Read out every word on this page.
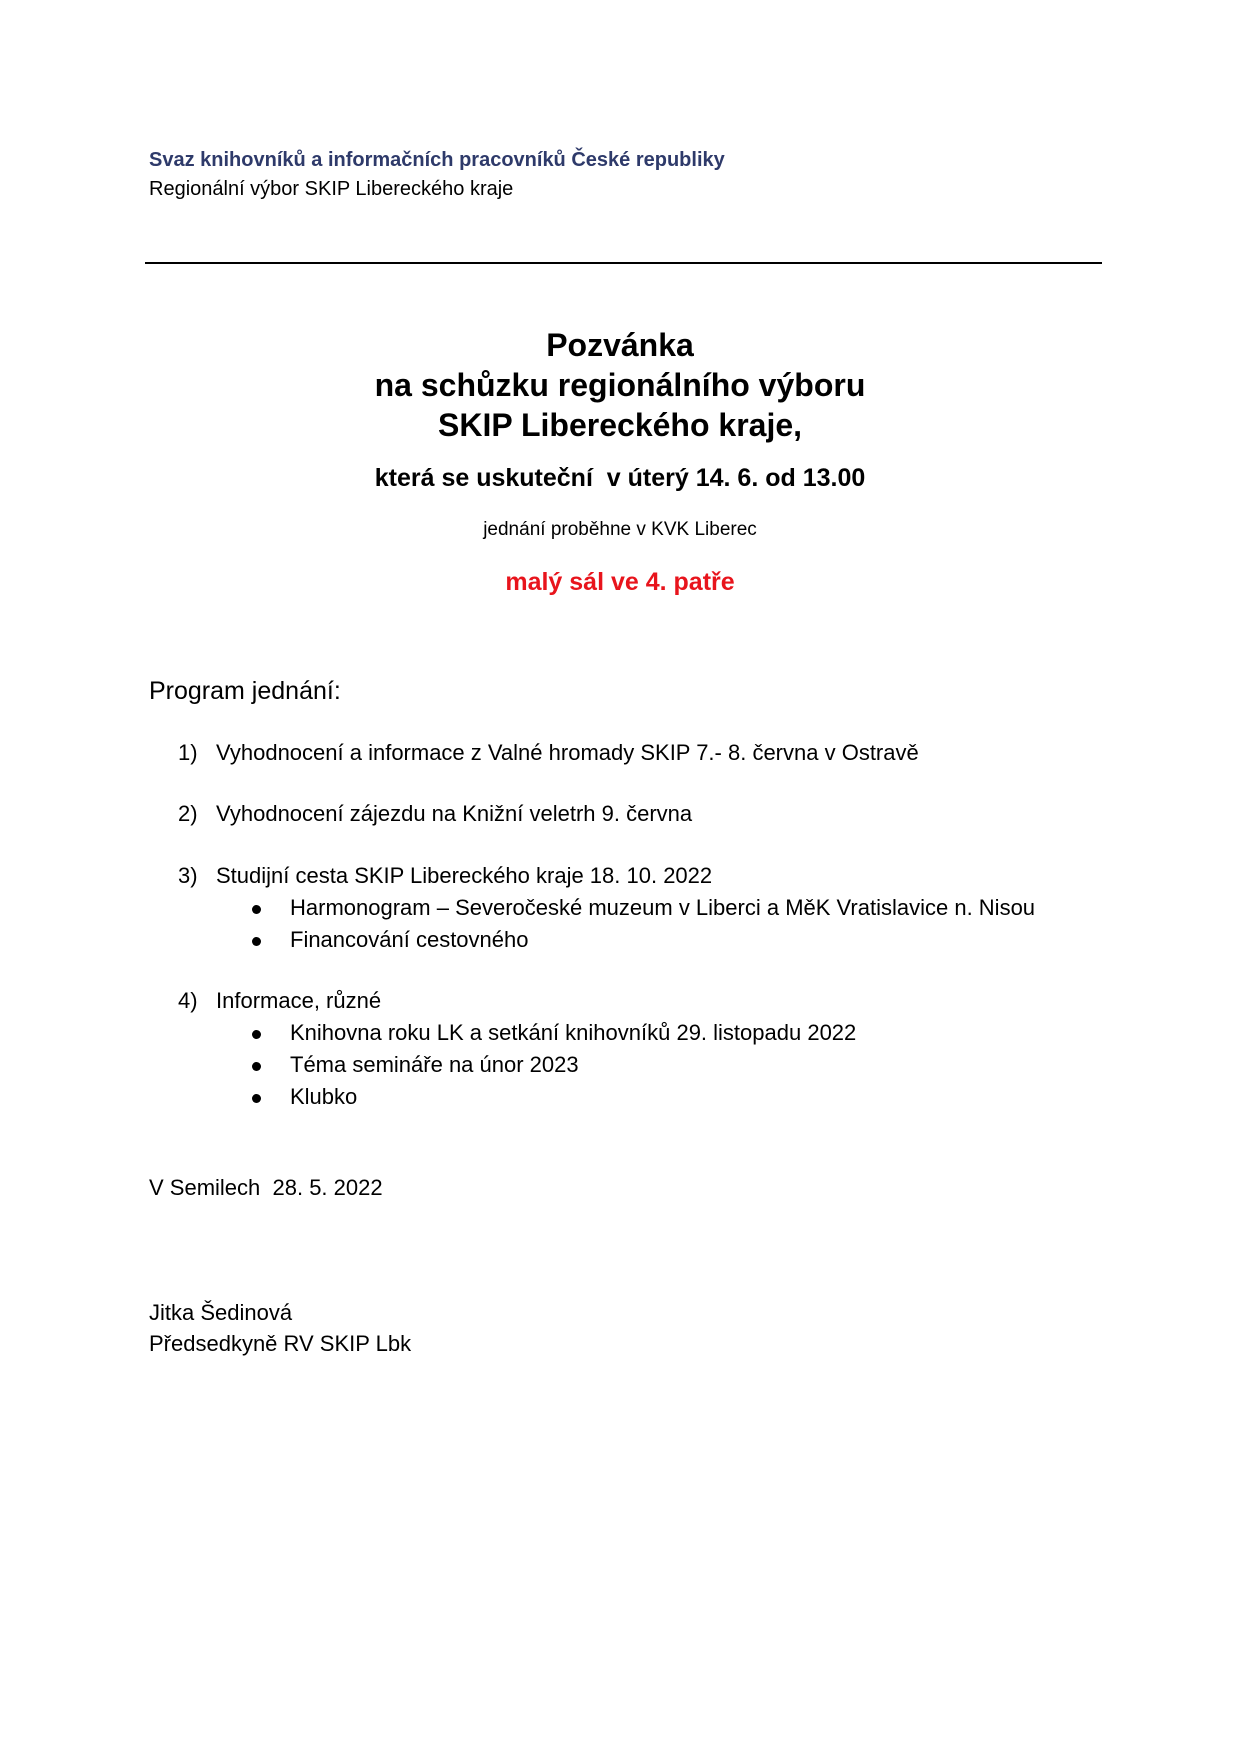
Svaz knihovníků a informačních pracovníků České republiky
Regionální výbor SKIP Libereckého kraje
Pozvánka
na schůzku regionálního výboru
SKIP Libereckého kraje,
která se uskuteční  v úterý 14. 6. od 13.00
jednání proběhne v KVK Liberec
malý sál ve 4. patře
Program jednání:
1) Vyhodnocení a informace z Valné hromady SKIP 7.- 8. června v Ostravě
2) Vyhodnocení zájezdu na Knižní veletrh 9. června
3) Studijní cesta SKIP Libereckého kraje 18. 10. 2022
Harmonogram – Severočeské muzeum v Liberci a MěK Vratislavice n. Nisou
Financování cestovného
4) Informace, různé
Knihovna roku LK a setkání knihovníků 29. listopadu 2022
Téma semináře na únor 2023
Klubko
V Semilech  28. 5. 2022
Jitka Šedinová
Předsedkyně RV SKIP Lbk
